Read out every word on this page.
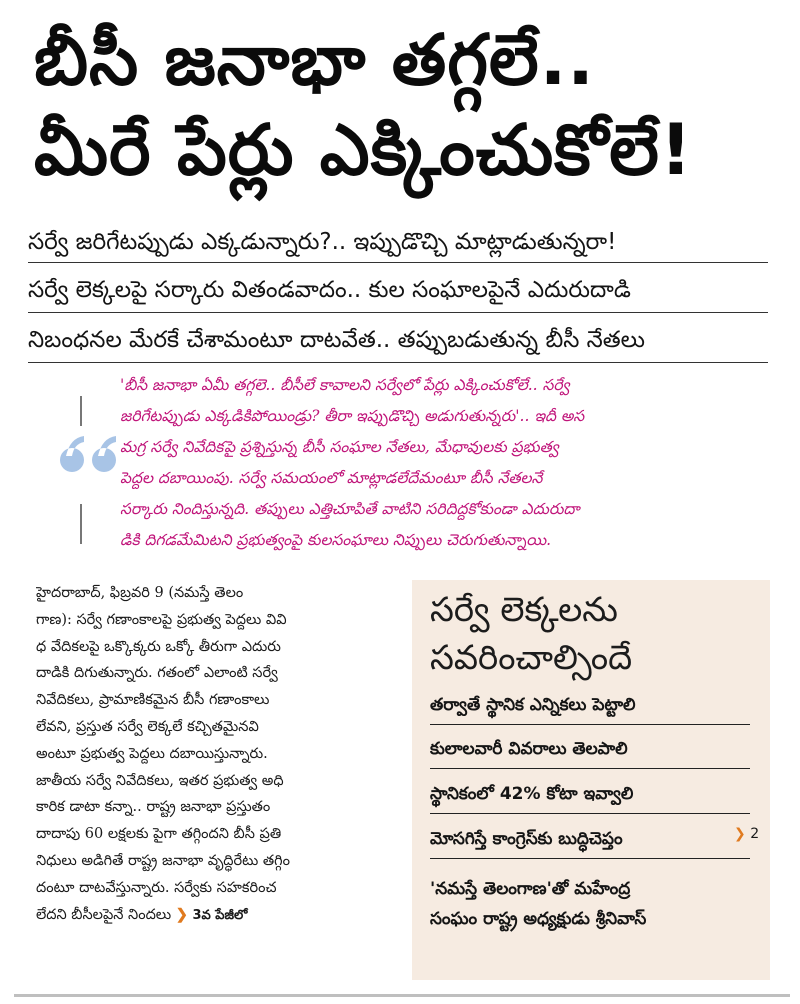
బీసీ జనాభా తగ్గలే..
మీరే పేర్లు ఎక్కించుకోలే!
సర్వే జరిగేటప్పుడు ఎక్కడున్నారు?.. ఇప్పుడొచ్చి మాట్లాడుతున్నరా!
సర్వే లెక్కలపై సర్కారు వితండవాదం.. కుల సంఘాలపైనే ఎదురుదాడి
నిబంధనల మేరకే చేశామంటూ దాటవేత.. తప్పుబడుతున్న బీసీ నేతలు
'బీసీ జనాభా ఏమీ తగ్గలె.. బీసీలే కావాలని సర్వేలో పేర్లు ఎక్కించుకోలే.. సర్వే
జరిగేటప్పుడు ఎక్కడికిపోయిండ్రు? తీరా ఇప్పుడొచ్చి అడుగుతున్నరు'.. ఇదీ అస
మగ్ర సర్వే నివేదికపై ప్రశ్నిస్తున్న బీసీ సంఘాల నేతలు, మేధావులకు ప్రభుత్వ
పెద్దల దబాయింపు. సర్వే సమయంలో మాట్లాడలేదేమంటూ బీసీ నేతలనే
సర్కారు నిందిస్తున్నది. తప్పులు ఎత్తిచూపితే వాటిని సరిదిద్దకోకుండా ఎదురుదా
డికి దిగడమేమిటని ప్రభుత్వంపై కులసంఘాలు నిప్పులు చెరుగుతున్నాయి.
హైదరాబాద్, ఫిబ్రవరి 9 (నమస్తే తెలం
గాణ): సర్వే గణాంకాలపై ప్రభుత్వ పెద్దలు వివి
ధ వేదికలపై ఒక్కొక్కరు ఒక్కో తీరుగా ఎదురు
దాడికి దిగుతున్నారు. గతంలో ఎలాంటి సర్వే
నివేదికలు, ప్రామాణికమైన బీసీ గణాంకాలు
లేవని, ప్రస్తుత సర్వే లెక్కలే కచ్చితమైనవి
అంటూ ప్రభుత్వ పెద్దలు దబాయిస్తున్నారు.
జాతీయ సర్వే నివేదికలు, ఇతర ప్రభుత్వ అధి
కారిక డాటా కన్నా.. రాష్ట్ర జనాభా ప్రస్తుతం
దాదాపు 60 లక్షలకు పైగా తగ్గిందని బీసీ ప్రతి
నిధులు అడిగితే రాష్ట్ర జనాభా వృద్ధిరేటు తగ్గిం
దంటూ దాటవేస్తున్నారు. సర్వేకు సహకరించ
లేదని బీసీలపైనే నిందలు ❯ 3వ పేజీలో
సర్వే లెక్కలను
సవరించాల్సిందే
తర్వాతే స్థానిక ఎన్నికలు పెట్టాలి
కులాలవారీ వివరాలు తెలపాలి
స్థానికంలో 42% కోటా ఇవ్వాలి
మోసగిస్తే కాంగ్రెస్‌కు బుద్ధిచెప్తం	❯ 2
'నమస్తే తెలంగాణ'తో మహేంద్ర
సంఘం రాష్ట్ర అధ్యక్షుడు శ్రీనివాస్
